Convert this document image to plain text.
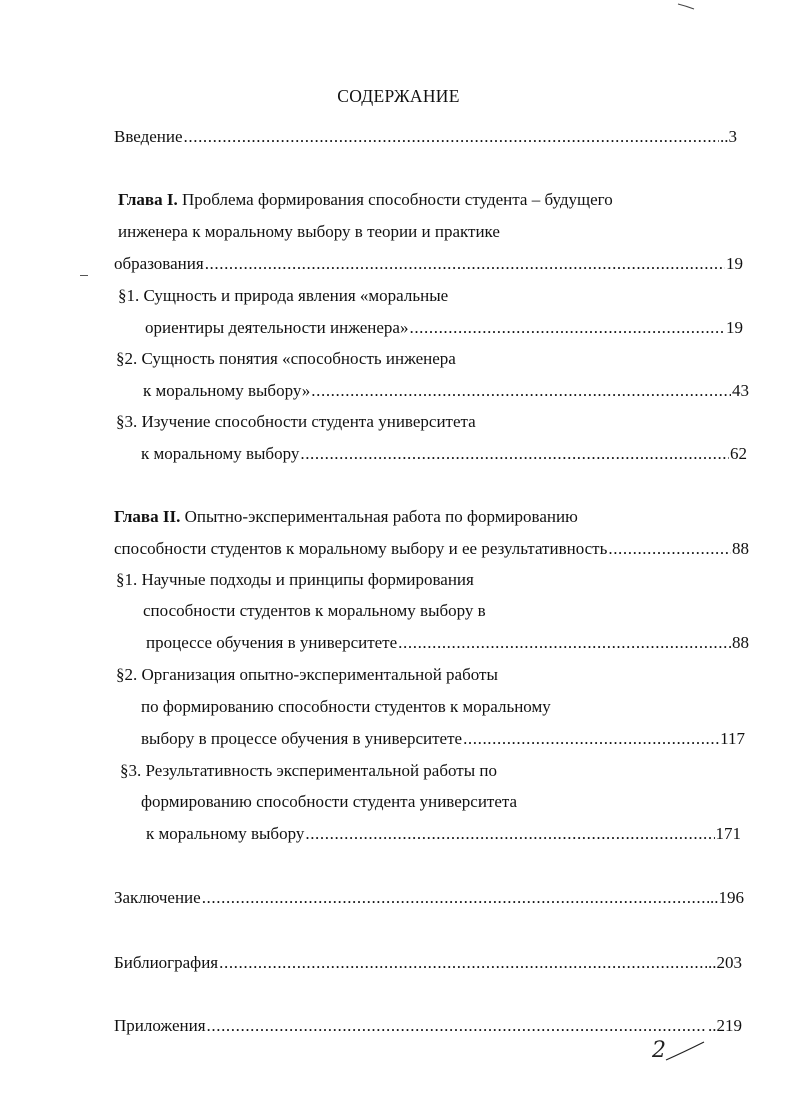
СОДЕРЖАНИЕ
Введение .....	..3
Глава I. Проблема формирования способности студента – будущего
инженера к моральному выбору в теории и практике
образования .....	19
§1. Сущность и природа явления «моральные
ориентиры деятельности инженера» .....	19
§2. Сущность понятия «способность инженера
к моральному выбору» .....	43
§3. Изучение способности студента университета
к моральному выбору .....	62
Глава II. Опытно-экспериментальная работа по формированию
способности студентов к моральному выбору и ее результативность .....	88
§1. Научные подходы и принципы формирования
способности студентов к моральному выбору в
процессе обучения в университете .....	88
§2. Организация опытно-экспериментальной работы
по формированию способности студентов к моральному
выбору в процессе обучения в университете .....	117
§3. Результативность экспериментальной работы по
формированию способности студента университета
к моральному выбору .....	171
Заключение .....	..196
Библиография .....	..203
Приложения .....	..219
2
